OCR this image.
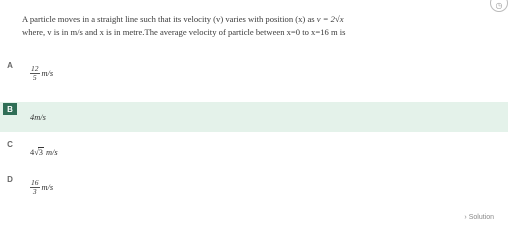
◷
A particle moves in a straight line such that its velocity (v) varies with position (x) as v = 2√x
where, v is in m/s and x is in metre.The average velocity of particle between x=0 to x=16 m is
A	$\frac{12}{5} m/s$
B
4m/s
C
4 √ 3 m/s
D	$\frac{16}{3} m/s$
› Solution
